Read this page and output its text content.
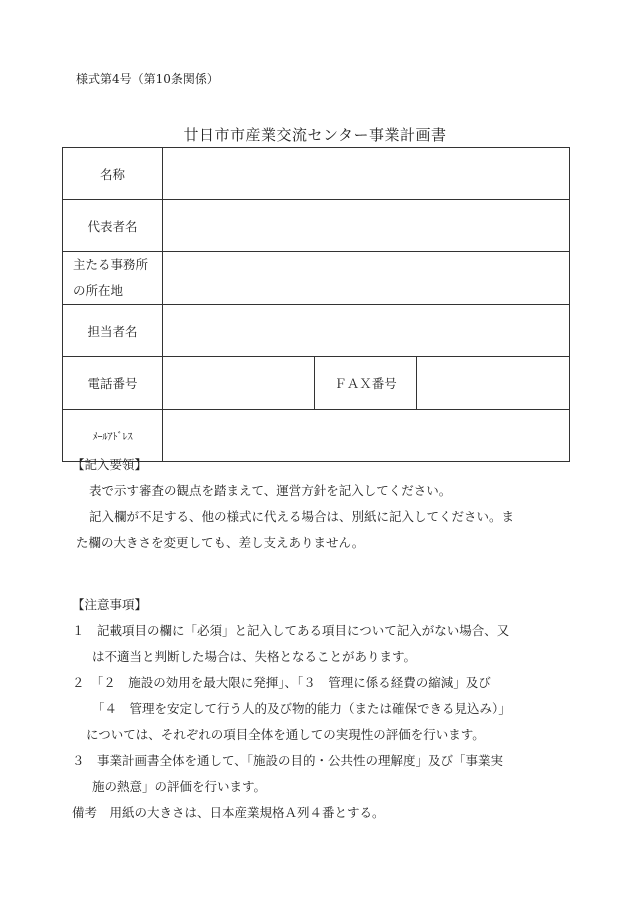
様式第4号（第10条関係）
廿日市市産業交流センター事業計画書
名称			
代表者名			

主たる事務所
の所在地			

担当者名			
電話番号		ＦＡＸ番号	
ﾒｰﾙｱﾄﾞﾚｽ			

【記入要領】

表で示す審査の観点を踏まえて、運営方針を記入してください。

記入欄が不足する、他の様式に代える場合は、別紙に記入してください。ま

た欄の大きさを変更しても、差し支えありません。

【注意事項】

１　記載項目の欄に「必須」と記入してある項目について記入がない場合、又

は不適当と判断した場合は、失格となることがあります。

２　「２　施設の効用を最大限に発揮」、「３　管理に係る経費の縮減」及び

「４　管理を安定して行う人的及び物的能力（または確保できる見込み）」

については、それぞれの項目全体を通しての実現性の評価を行います。

３　事業計画書全体を通して、「施設の目的・公共性の理解度」及び「事業実

施の熱意」の評価を行います。

備考　用紙の大きさは、日本産業規格Ａ列４番とする。
